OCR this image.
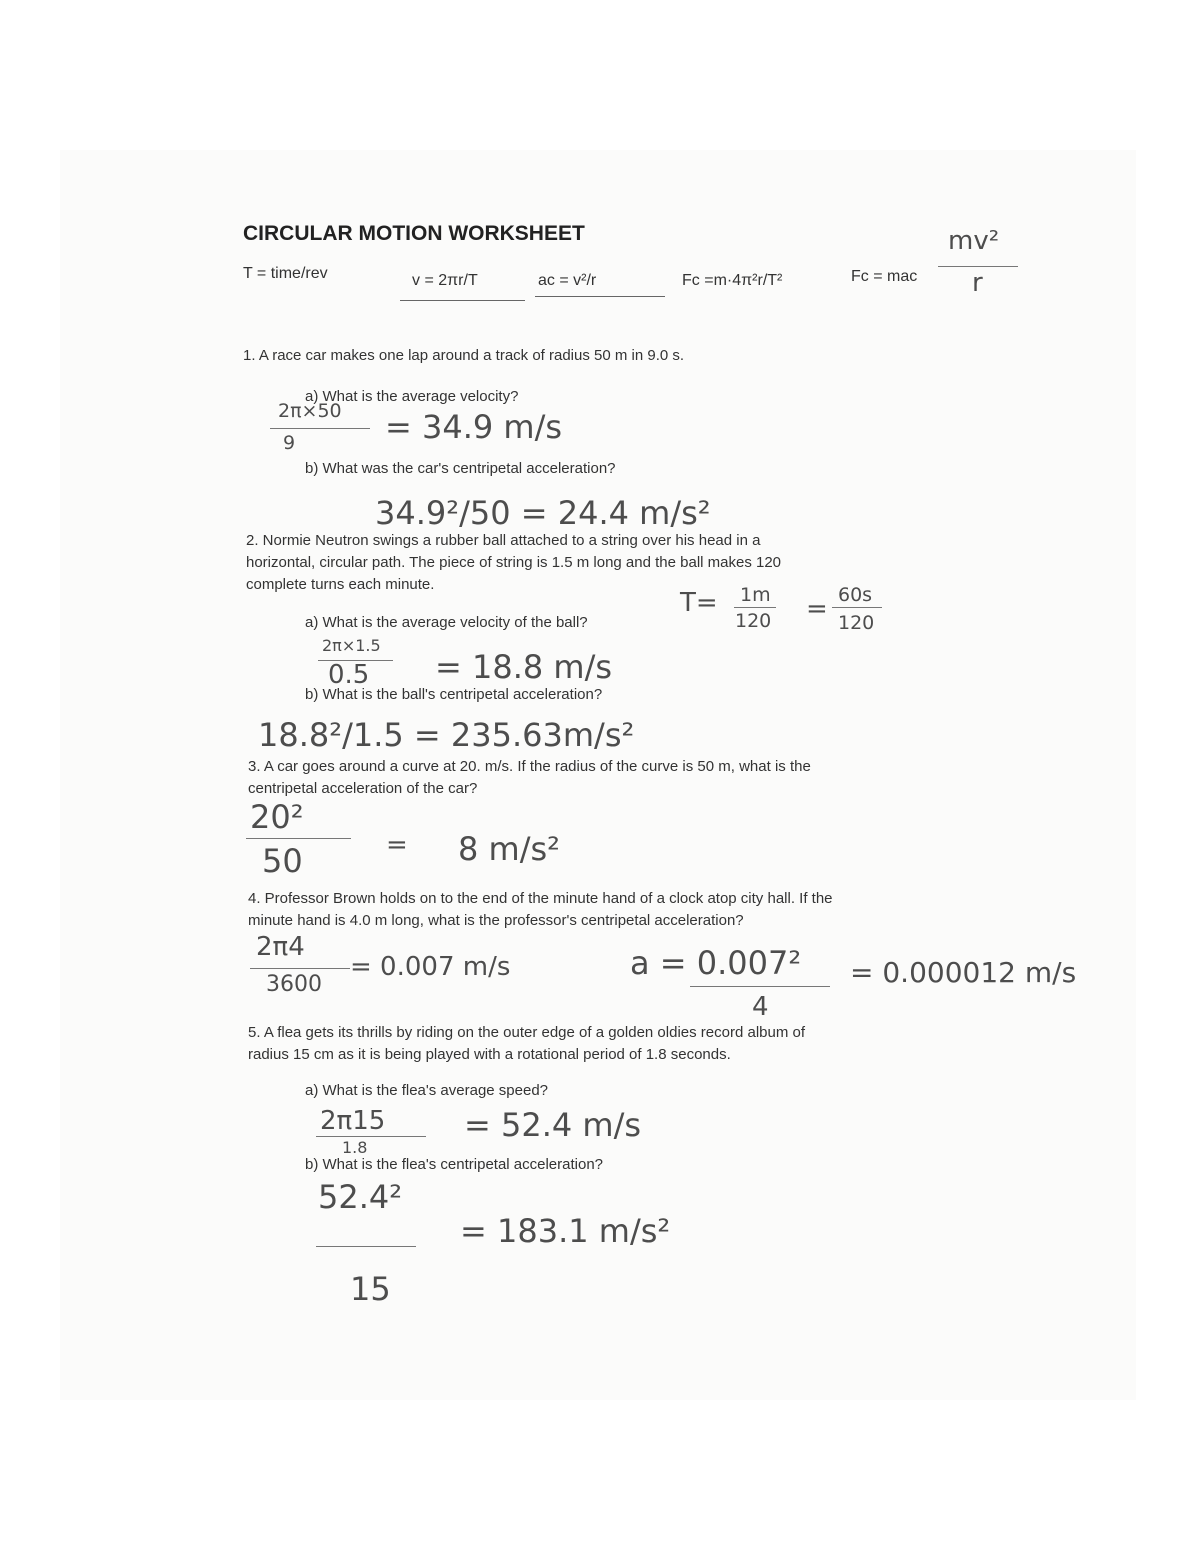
CIRCULAR MOTION WORKSHEET
T = time/rev	v = 2πr/T	ac = v²/r	Fc =m·4π²r/T²	Fc = mac
mv²
r
1. A race car makes one lap around a track of radius 50 m in 9.0 s.
a) What is the average velocity?
2π×50
9	= 34.9 m/s
b) What was the car's centripetal acceleration?
34.9²/50 = 24.4 m/s²
2. Normie Neutron swings a rubber ball attached to a string over his head in a
horizontal, circular path. The piece of string is 1.5 m long and the ball makes 120
complete turns each minute.
a) What is the average velocity of the ball?
T= 1m
120 = 60s
120
2π×1.5
0.5 = 18.8 m/s
b) What is the ball's centripetal acceleration?
18.8²/1.5 = 235.63m/s²
3. A car goes around a curve at 20. m/s. If the radius of the curve is 50 m, what is the
centripetal acceleration of the car?
20²
50	= 8 m/s²
4. Professor Brown holds on to the end of the minute hand of a clock atop city hall. If the
minute hand is 4.0 m long, what is the professor's centripetal acceleration?
2π4
3600
= 0.007 m/s	a = 0.007²
4
= 0.000012 m/s
5. A flea gets its thrills by riding on the outer edge of a golden oldies record album of
radius 15 cm as it is being played with a rotational period of 1.8 seconds.
a) What is the flea's average speed?
2π15
1.8
= 52.4 m/s
b) What is the flea's centripetal acceleration?
52.4²
15
= 183.1 m/s²
